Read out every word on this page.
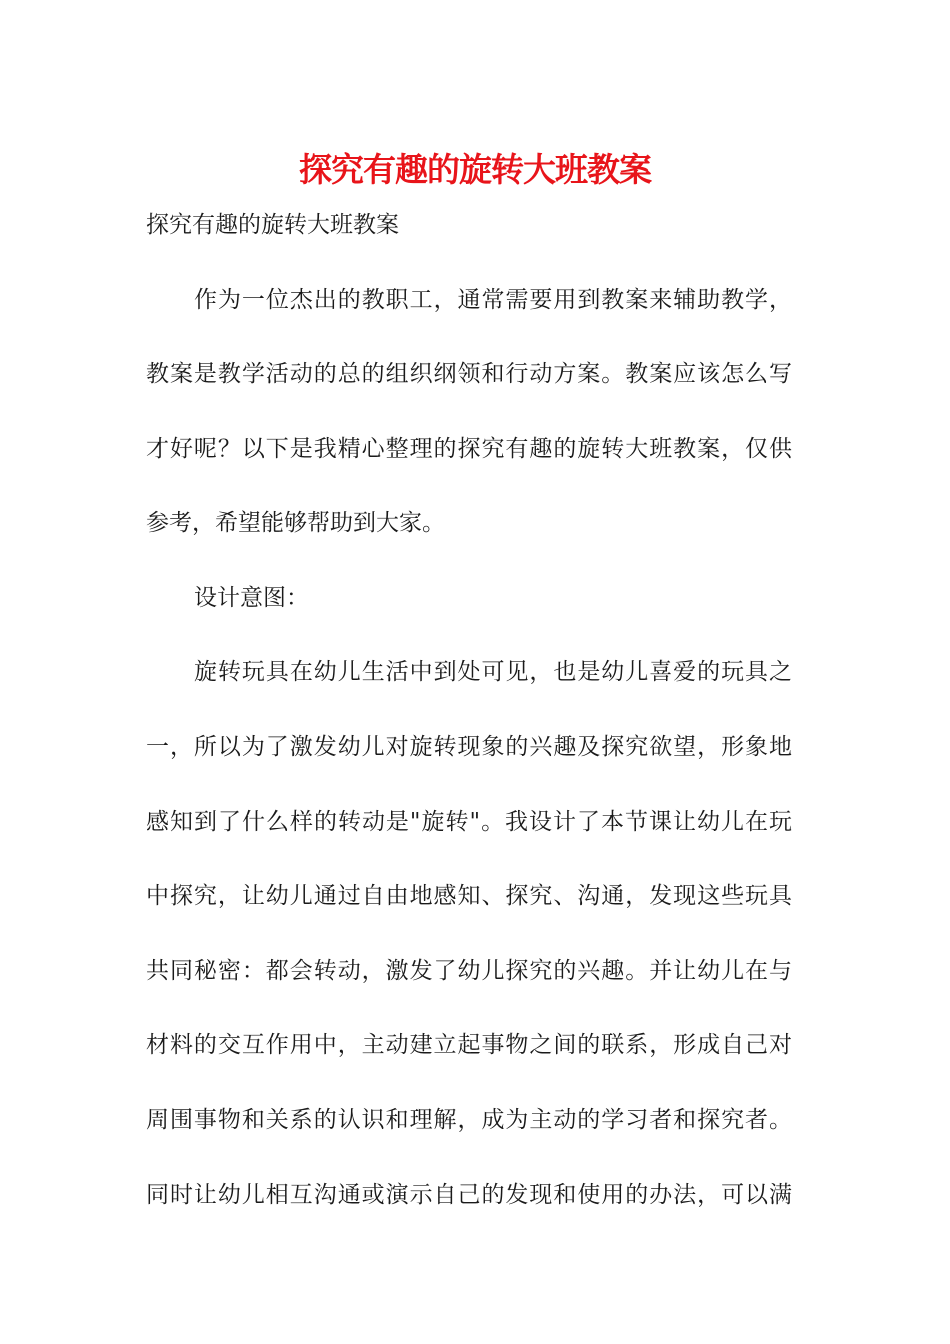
探究有趣的旋转大班教案
探究有趣的旋转大班教案
作为一位杰出的教职工，通常需要用到教案来辅助教学，
教案是教学活动的总的组织纲领和行动方案。教案应该怎么写
才好呢？以下是我精心整理的探究有趣的旋转大班教案，仅供
参考，希望能够帮助到大家。
设计意图：
旋转玩具在幼儿生活中到处可见，也是幼儿喜爱的玩具之
一，所以为了激发幼儿对旋转现象的兴趣及探究欲望，形象地
感知到了什么样的转动是"旋转"。我设计了本节课让幼儿在玩
中探究，让幼儿通过自由地感知、探究、沟通，发现这些玩具
共同秘密：都会转动，激发了幼儿探究的兴趣。并让幼儿在与
材料的交互作用中，主动建立起事物之间的联系，形成自己对
周围事物和关系的认识和理解，成为主动的学习者和探究者。
同时让幼儿相互沟通或演示自己的发现和使用的办法，可以满
